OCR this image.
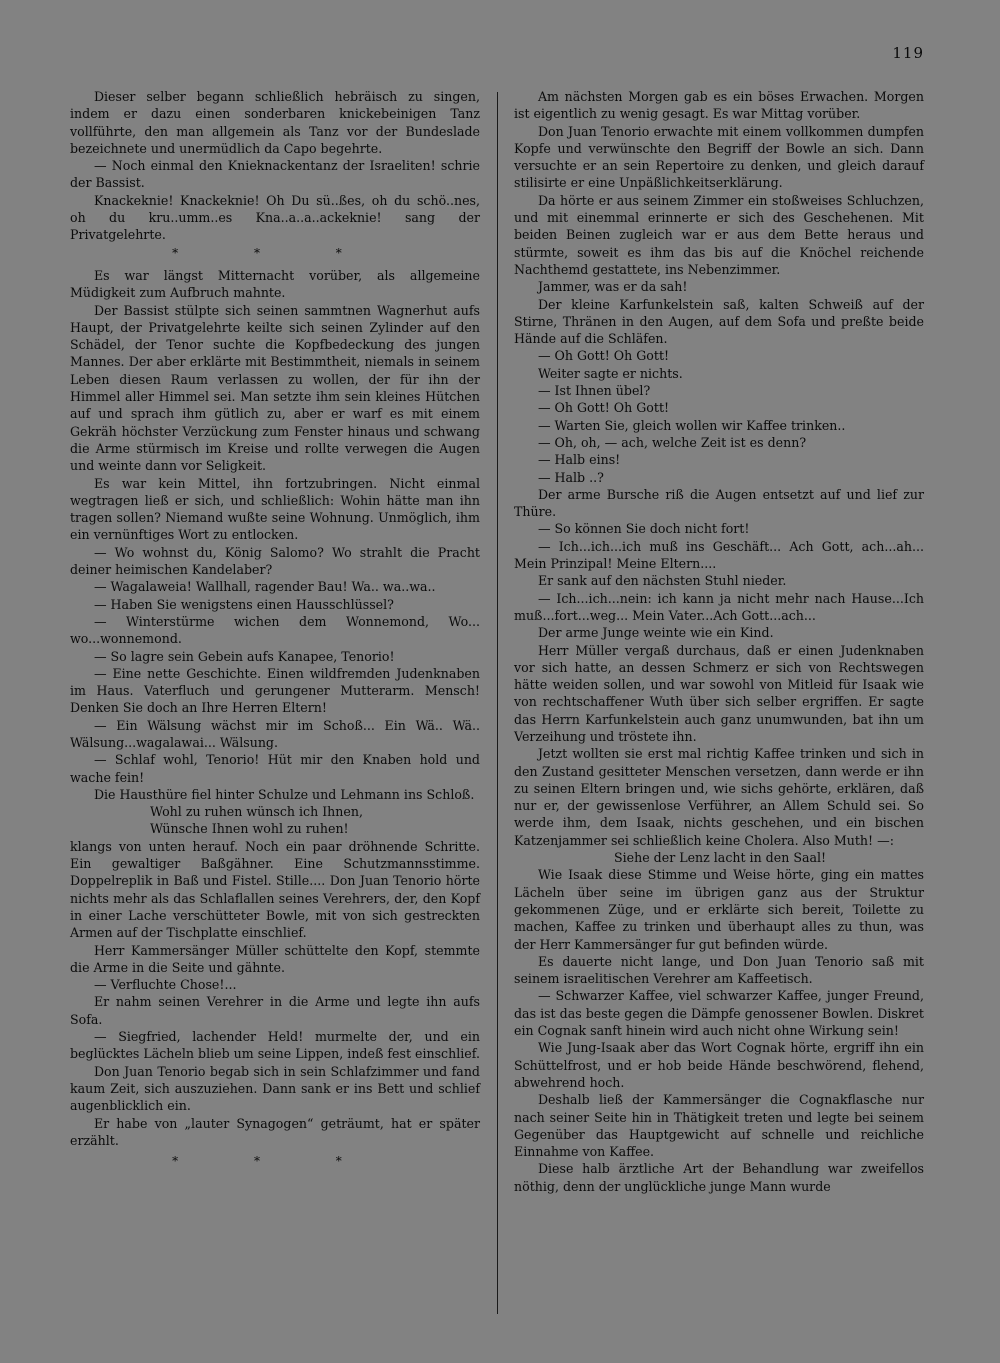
119

Dieser selber begann schließlich hebräisch zu singen, indem er dazu einen sonderbaren knickebeinigen Tanz vollführte, den man allgemein als Tanz vor der Bundeslade bezeichnete und unermüdlich da Capo begehrte.

— Noch einmal den Knieknackentanz der Israeliten! schrie der Bassist.

Knackeknie! Knackeknie! Oh Du sü..ßes, oh du schö..nes, oh du kru..umm..es Kna..a..a..ackeknie! sang der Privatgelehrte.

* * *

Es war längst Mitternacht vorüber, als allgemeine Müdigkeit zum Aufbruch mahnte.

Der Bassist stülpte sich seinen sammtnen Wagnerhut aufs Haupt, der Privatgelehrte keilte sich seinen Zylinder auf den Schädel, der Tenor suchte die Kopfbedeckung des jungen Mannes. Der aber erklärte mit Bestimmtheit, niemals in seinem Leben diesen Raum verlassen zu wollen, der für ihn der Himmel aller Himmel sei. Man setzte ihm sein kleines Hütchen auf und sprach ihm gütlich zu, aber er warf es mit einem Gekräh höchster Verzückung zum Fenster hinaus und schwang die Arme stürmisch im Kreise und rollte verwegen die Augen und weinte dann vor Seligkeit.

Es war kein Mittel, ihn fortzubringen. Nicht einmal wegtragen ließ er sich, und schließlich: Wohin hätte man ihn tragen sollen? Niemand wußte seine Wohnung. Unmöglich, ihm ein vernünftiges Wort zu entlocken.

— Wo wohnst du, König Salomo? Wo strahlt die Pracht deiner heimischen Kandelaber?

— Wagalaweia! Wallhall, ragender Bau! Wa.. wa..wa..

— Haben Sie wenigstens einen Hausschlüssel?

— Winterstürme wichen dem Wonnemond, Wo... wo...wonnemond.

— So lagre sein Gebein aufs Kanapee, Tenorio!

— Eine nette Geschichte. Einen wildfremden Judenknaben im Haus. Vaterfluch und gerungener Mutterarm. Mensch! Denken Sie doch an Ihre Herren Eltern!

— Ein Wälsung wächst mir im Schoß... Ein Wä.. Wä.. Wälsung...wagalawai... Wälsung.

— Schlaf wohl, Tenorio! Hüt mir den Knaben hold und wache fein!

Die Hausthüre fiel hinter Schulze und Lehmann ins Schloß.

Wohl zu ruhen wünsch ich Ihnen,

Wünsche Ihnen wohl zu ruhen!

klangs von unten herauf. Noch ein paar dröhnende Schritte. Ein gewaltiger Baßgähner. Eine Schutzmannsstimme. Doppelreplik in Baß und Fistel. Stille.... Don Juan Tenorio hörte nichts mehr als das Schlaflallen seines Verehrers, der, den Kopf in einer Lache verschütteter Bowle, mit von sich gestreckten Armen auf der Tischplatte einschlief.

Herr Kammersänger Müller schüttelte den Kopf, stemmte die Arme in die Seite und gähnte.

— Verfluchte Chose!...

Er nahm seinen Verehrer in die Arme und legte ihn aufs Sofa.

— Siegfried, lachender Held! murmelte der, und ein beglücktes Lächeln blieb um seine Lippen, indeß fest einschlief.

Don Juan Tenorio begab sich in sein Schlafzimmer und fand kaum Zeit, sich auszuziehen. Dann sank er ins Bett und schlief augenblicklich ein.

Er habe von „lauter Synagogen“ geträumt, hat er später erzählt.

* * *

Am nächsten Morgen gab es ein böses Erwachen. Morgen ist eigentlich zu wenig gesagt. Es war Mittag vorüber.

Don Juan Tenorio erwachte mit einem vollkommen dumpfen Kopfe und verwünschte den Begriff der Bowle an sich. Dann versuchte er an sein Repertoire zu denken, und gleich darauf stilisirte er eine Unpäßlichkeitserklärung.

Da hörte er aus seinem Zimmer ein stoßweises Schluchzen, und mit einemmal erinnerte er sich des Geschehenen. Mit beiden Beinen zugleich war er aus dem Bette heraus und stürmte, soweit es ihm das bis auf die Knöchel reichende Nachthemd gestattete, ins Nebenzimmer.

Jammer, was er da sah!

Der kleine Karfunkelstein saß, kalten Schweiß auf der Stirne, Thränen in den Augen, auf dem Sofa und preßte beide Hände auf die Schläfen.

— Oh Gott! Oh Gott!

Weiter sagte er nichts.

— Ist Ihnen übel?

— Oh Gott! Oh Gott!

— Warten Sie, gleich wollen wir Kaffee trinken..

— Oh, oh, — ach, welche Zeit ist es denn?

— Halb eins!

— Halb ..?

Der arme Bursche riß die Augen entsetzt auf und lief zur Thüre.

— So können Sie doch nicht fort!

— Ich...ich...ich muß ins Geschäft... Ach Gott, ach...ah... Mein Prinzipal! Meine Eltern....

Er sank auf den nächsten Stuhl nieder.

— Ich...ich...nein: ich kann ja nicht mehr nach Hause...Ich muß...fort...weg... Mein Vater...Ach Gott...ach...

Der arme Junge weinte wie ein Kind.

Herr Müller vergaß durchaus, daß er einen Judenknaben vor sich hatte, an dessen Schmerz er sich von Rechtswegen hätte weiden sollen, und war sowohl von Mitleid für Isaak wie von rechtschaffener Wuth über sich selber ergriffen. Er sagte das Herrn Karfunkelstein auch ganz unumwunden, bat ihn um Verzeihung und tröstete ihn.

Jetzt wollten sie erst mal richtig Kaffee trinken und sich in den Zustand gesitteter Menschen versetzen, dann werde er ihn zu seinen Eltern bringen und, wie sichs gehörte, erklären, daß nur er, der gewissenlose Verführer, an Allem Schuld sei. So werde ihm, dem Isaak, nichts geschehen, und ein bischen Katzenjammer sei schließlich keine Cholera. Also Muth! —:

Siehe der Lenz lacht in den Saal!

Wie Isaak diese Stimme und Weise hörte, ging ein mattes Lächeln über seine im übrigen ganz aus der Struktur gekommenen Züge, und er erklärte sich bereit, Toilette zu machen, Kaffee zu trinken und überhaupt alles zu thun, was der Herr Kammersänger fur gut befinden würde.

Es dauerte nicht lange, und Don Juan Tenorio saß mit seinem israelitischen Verehrer am Kaffeetisch.

— Schwarzer Kaffee, viel schwarzer Kaffee, junger Freund, das ist das beste gegen die Dämpfe genossener Bowlen. Diskret ein Cognak sanft hinein wird auch nicht ohne Wirkung sein!

Wie Jung-Isaak aber das Wort Cognak hörte, ergriff ihn ein Schüttelfrost, und er hob beide Hände beschwörend, flehend, abwehrend hoch.

Deshalb ließ der Kammersänger die Cognakflasche nur nach seiner Seite hin in Thätigkeit treten und legte bei seinem Gegenüber das Hauptgewicht auf schnelle und reichliche Einnahme von Kaffee.

Diese halb ärztliche Art der Behandlung war zweifellos nöthig, denn der unglückliche junge Mann wurde
